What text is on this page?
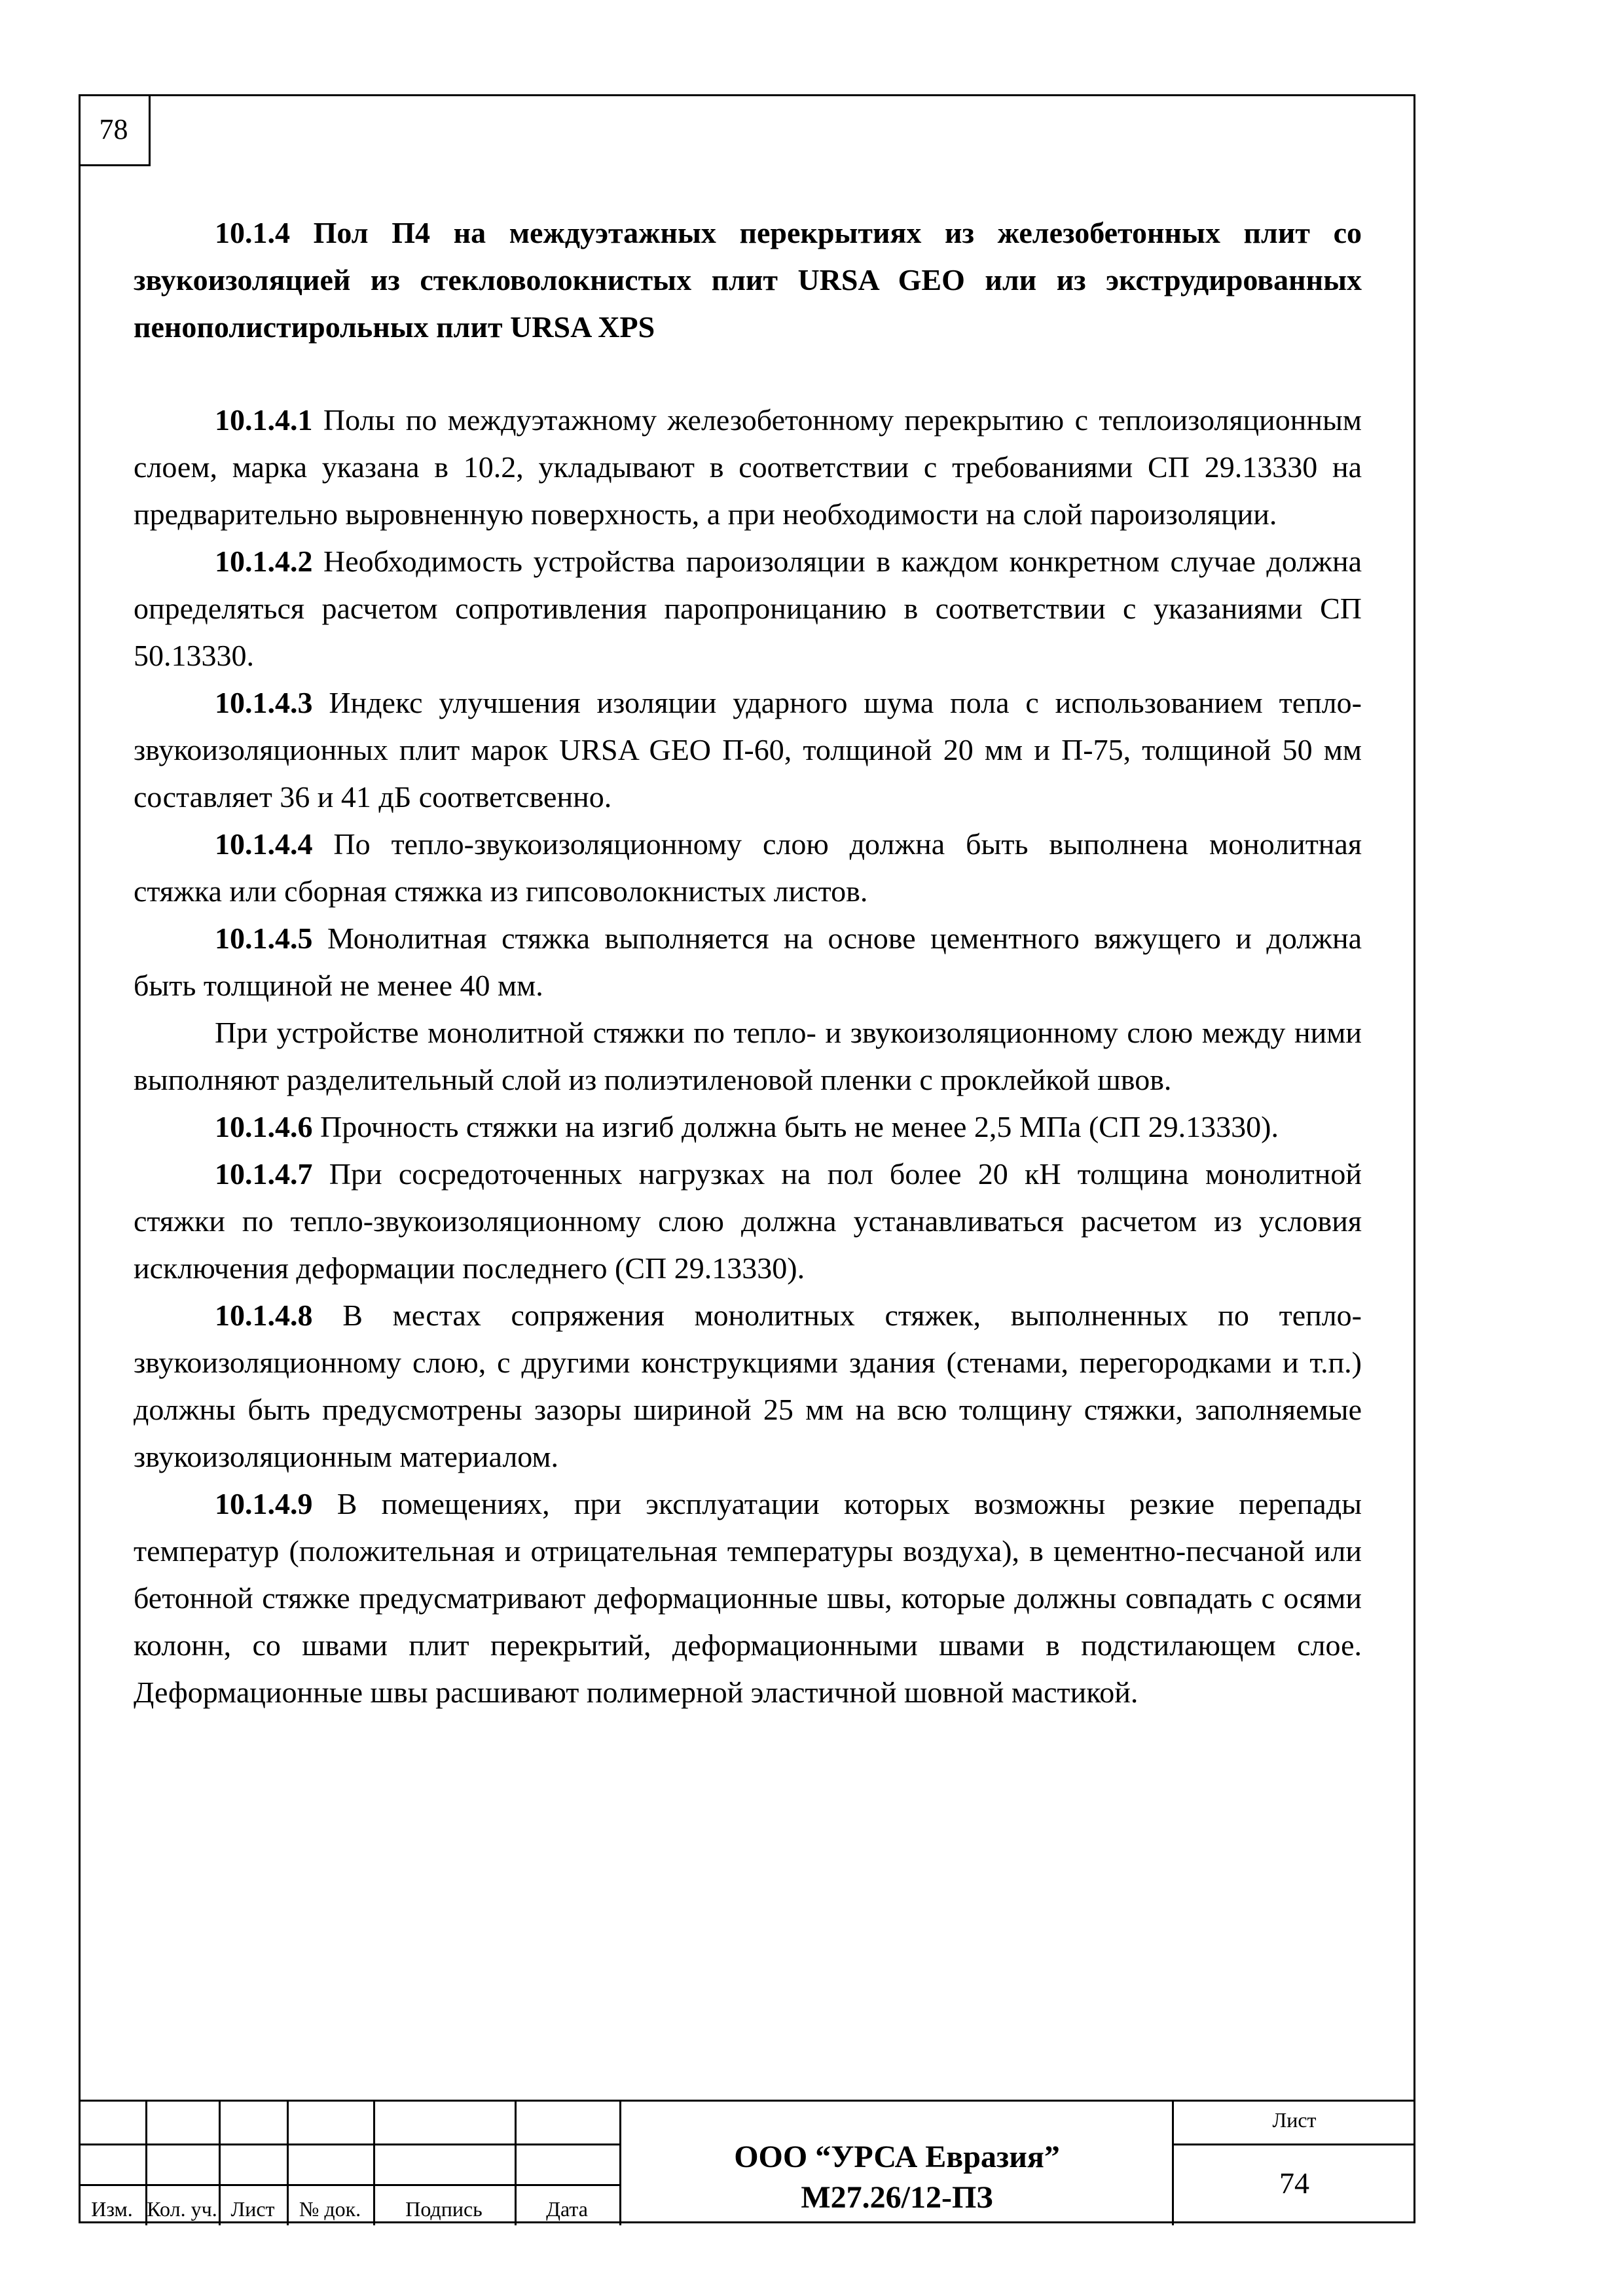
78

10.1.4 Пол П4 на междуэтажных перекрытиях из железобетонных плит со звукоизоляцией из стекловолокнистых плит URSA GEO или из экструдированных пенополистирольных плит URSA XPS

10.1.4.1 Полы по междуэтажному железобетонному перекрытию с теплоизоляционным слоем, марка указана в 10.2, укладывают в соответствии с требованиями СП 29.13330 на предварительно выровненную поверхность, а при необходимости на слой пароизоляции.

10.1.4.2 Необходимость устройства пароизоляции в каждом конкретном случае должна определяться расчетом сопротивления паропроницанию в соответствии с указаниями СП 50.13330.

10.1.4.3 Индекс улучшения изоляции ударного шума пола с использованием тепло- звукоизоляционных плит марок URSA GEO П-60, толщиной 20 мм и П-75, толщиной 50 мм составляет 36 и 41 дБ соответсвенно.

10.1.4.4 По тепло-звукоизоляционному слою должна быть выполнена монолитная стяжка или сборная стяжка из гипсоволокнистых листов.

10.1.4.5 Монолитная стяжка выполняется на основе цементного вяжущего и должна быть толщиной не менее 40 мм.

При устройстве монолитной стяжки по тепло- и звукоизоляционному слою между ними выполняют разделительный слой из полиэтиленовой пленки с проклейкой швов.

10.1.4.6 Прочность стяжки на изгиб должна быть не менее 2,5 МПа (СП 29.13330).

10.1.4.7 При сосредоточенных нагрузках на пол более 20 кН толщина монолитной стяжки по тепло-звукоизоляционному слою должна устанавливаться расчетом из условия исключения деформации последнего (СП 29.13330).

10.1.4.8 В местах сопряжения монолитных стяжек, выполненных по тепло-звукоизоляционному слою, с другими конструкциями здания (стенами, перегородками и т.п.) должны быть предусмотрены зазоры шириной 25 мм на всю толщину стяжки, заполняемые звукоизоляционным материалом.

10.1.4.9 В помещениях, при эксплуатации которых возможны резкие перепады температур (положительная и отрицательная температуры воздуха), в цементно-песчаной или бетонной стяжке предусматривают деформационные швы, которые должны совпадать с осями колонн, со швами плит перекрытий, деформационными швами в подстилающем слое. Деформационные швы расшивают полимерной эластичной шовной мастикой.

Изм. Кол. уч. Лист	№ док.	Подпись	Дата
ООО “УРСА Евразия”
М27.26/12-ПЗ
Лист
74
